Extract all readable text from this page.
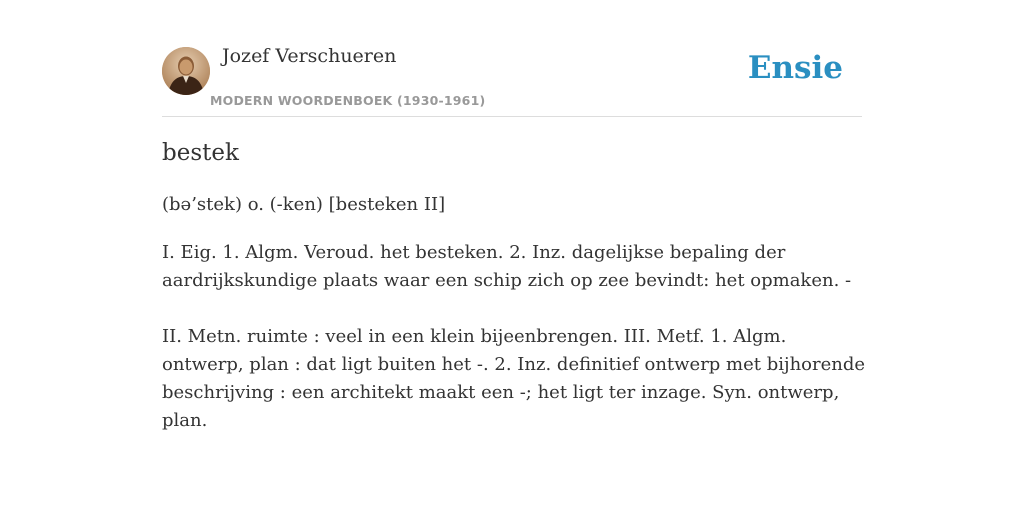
Jozef Verschueren
MODERN WOORDENBOEK (1930-1961)
Ensie
bestek
(bə’stek) o. (-ken) [besteken II]

I. Eig. 1. Algm. Veroud. het besteken. 2. Inz. dagelijkse bepaling der aardrijkskundige plaats waar een schip zich op zee bevindt: het opmaken. -

II. Metn. ruimte : veel in een klein bijeenbrengen. III. Metf. 1. Algm. ontwerp, plan : dat ligt buiten het -. 2. Inz. definitief ontwerp met bijhorende beschrijving : een architekt maakt een -; het ligt ter inzage. Syn. ontwerp, plan.
